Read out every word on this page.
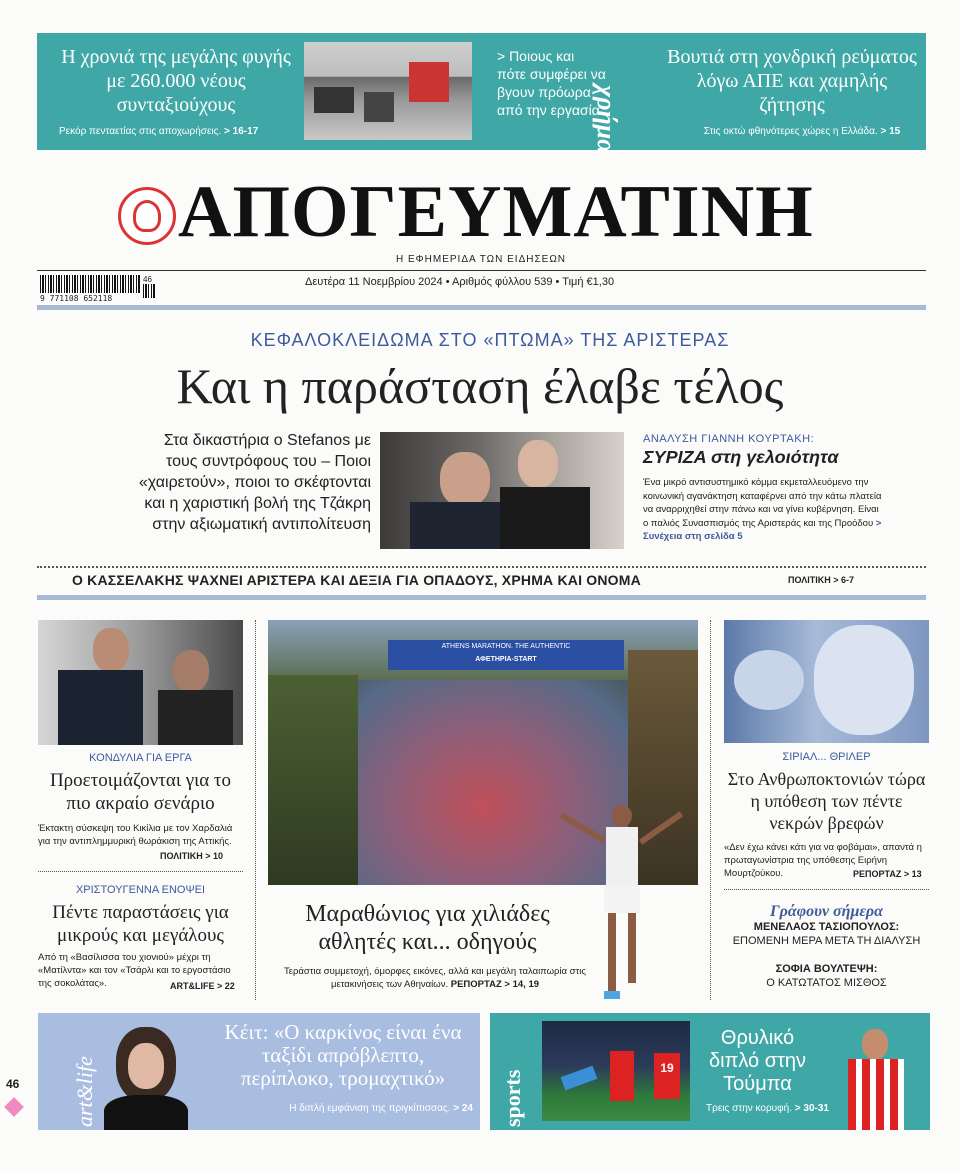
Η χρονιά της μεγάλης φυγής με 260.000 νέους συνταξιούχους
Ρεκόρ πενταετίας στις αποχωρήσεις. > 16-17
> Ποιους και πότε συμφέρει να βγουν πρόωρα από την εργασία
χρήμα
Βουτιά στη χονδρική ρεύματος λόγω ΑΠΕ και χαμηλής ζήτησης
Στις οκτώ φθηνότερες χώρες η Ελλάδα. > 15
ΑΠΟΓΕΥΜΑΤΙΝΗ
Η ΕΦΗΜΕΡΙΔΑ ΤΩΝ ΕΙΔΗΣΕΩΝ
9 771108 652118
46	Δευτέρα 11 Νοεμβρίου 2024 • Αριθμός φύλλου 539 • Τιμή €1,30
ΚΕΦΑΛΟΚΛΕΙΔΩΜΑ ΣΤΟ «ΠΤΩΜΑ» ΤΗΣ ΑΡΙΣΤΕΡΑΣ
Και η παράσταση έλαβε τέλος
Στα δικαστήρια ο Stefanos με τους συντρόφους του – Ποιοι «χαιρετούν», ποιοι το σκέφτονται και η χαριστική βολή της Τζάκρη στην αξιωματική αντιπολίτευση
ΑΝΑΛΥΣΗ ΓΙΑΝΝΗ ΚΟΥΡΤΑΚΗ:
ΣΥΡΙΖΑ στη γελοιότητα
Ένα μικρό αντισυστημικό κόμμα εκμεταλλευόμενο την κοινωνική αγανάκτηση καταφέρνει από την κάτω πλατεία να αναρριχηθεί στην πάνω και να γίνει κυβέρνηση. Είναι ο παλιός Συνασπισμός της Αριστεράς και της Προόδου > Συνέχεια στη σελίδα 5
Ο ΚΑΣΣΕΛΑΚΗΣ ΨΑΧΝΕΙ ΑΡΙΣΤΕΡΑ ΚΑΙ ΔΕΞΙΑ ΓΙΑ ΟΠΑΔΟΥΣ, ΧΡΗΜΑ ΚΑΙ ΟΝΟΜΑ	ΠΟΛΙΤΙΚΗ > 6-7
ΚΟΝΔΥΛΙΑ ΓΙΑ ΕΡΓΑ
Προετοιμάζονται για το πιο ακραίο σενάριο
Έκτακτη σύσκεψη του Κικίλια με τον Χαρδαλιά για την αντιπλημμυρική θωράκιση της Αττικής.
ΠΟΛΙΤΙΚΗ > 10
ΧΡΙΣΤΟΥΓΕΝΝΑ ΕΝΟΨΕΙ
Πέντε παραστάσεις για μικρούς και μεγάλους
Από τη «Βασίλισσα του χιονιού» μέχρι τη «Ματίλντα» και τον «Τσάρλι και το εργοστάσιο της σοκολάτας».	ART&LIFE > 22
ATHENS MARATHON. THE AUTHENTIC
ΑΦΕΤΗΡΙΑ-START
Μαραθώνιος για χιλιάδες αθλητές και... οδηγούς
Τεράστια συμμετοχή, όμορφες εικόνες, αλλά και μεγάλη ταλαιπωρία στις μετακινήσεις των Αθηναίων. ΡΕΠΟΡΤΑΖ > 14, 19
ΣΙΡΙΑΛ... ΘΡΙΛΕΡ
Στο Ανθρωποκτονιών τώρα η υπόθεση των πέντε νεκρών βρεφών
«Δεν έχω κάνει κάτι για να φοβάμαι», απαντά η πρωταγωνίστρια της υπόθεσης Ειρήνη Μουρτζούκου.	ΡΕΠΟΡΤΑΖ > 13
Γράφουν σήμερα
ΜΕΝΕΛΑΟΣ ΤΑΣΙΟΠΟΥΛΟΣ:
ΕΠΟΜΕΝΗ ΜΕΡΑ ΜΕΤΑ ΤΗ ΔΙΑΛΥΣΗ
ΣΟΦΙΑ ΒΟΥΛΤΕΨΗ:
Ο ΚΑΤΩΤΑΤΟΣ ΜΙΣΘΟΣ
46 art&life
Κέιτ: «Ο καρκίνος είναι ένα ταξίδι απρόβλεπτο, περίπλοκο, τρομαχτικό»
Η διπλή εμφάνιση της πριγκίπισσας. > 24 sports
19
Θρυλικό διπλό στην Τούμπα
Τρεις στην κορυφή. > 30-31
